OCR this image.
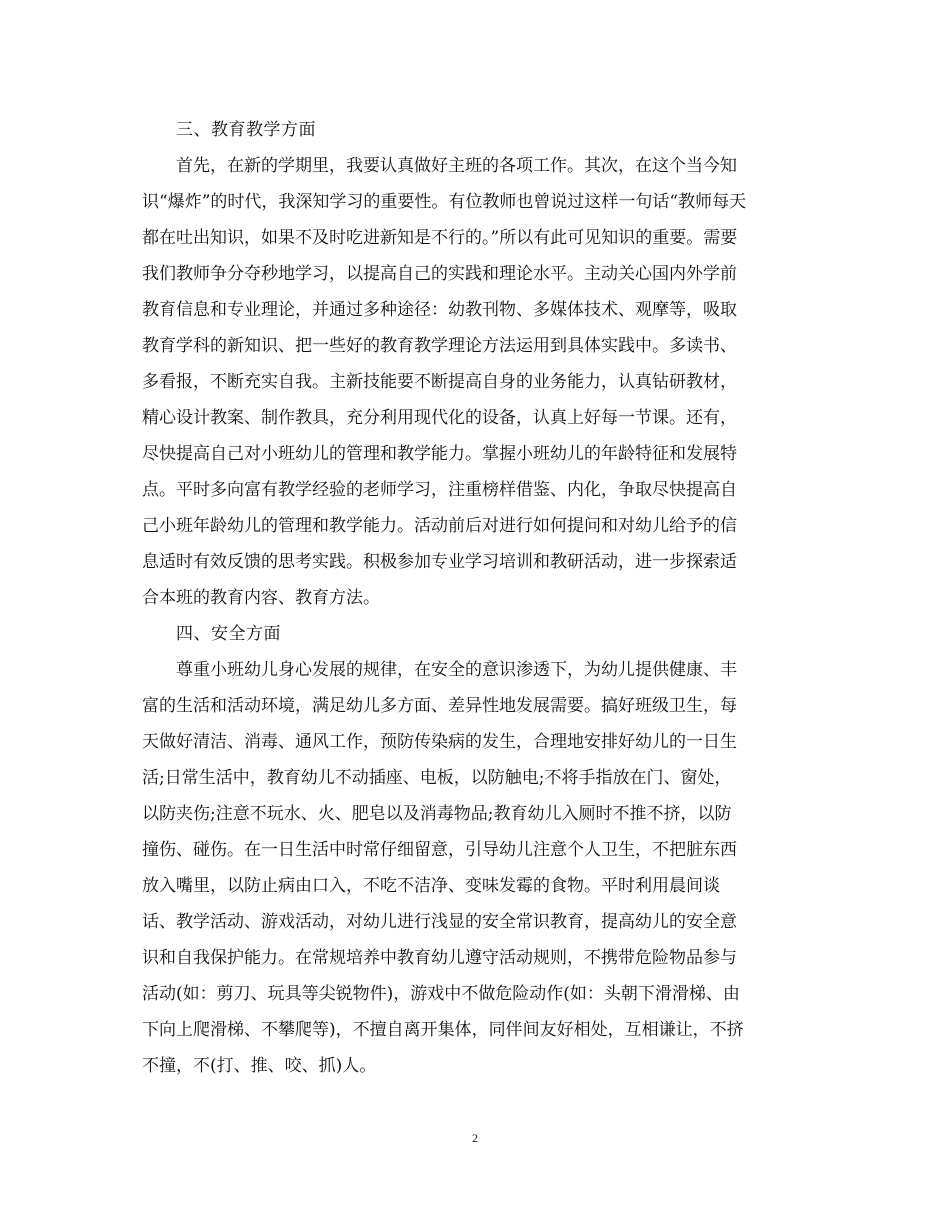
三、教育教学方面

首先，在新的学期里，我要认真做好主班的各项工作。其次，在这个当今知

识“爆炸”的时代，我深知学习的重要性。有位教师也曾说过这样一句话“教师每天

都在吐出知识，如果不及时吃进新知是不行的。”所以有此可见知识的重要。需要

我们教师争分夺秒地学习，以提高自己的实践和理论水平。主动关心国内外学前

教育信息和专业理论，并通过多种途径：幼教刊物、多媒体技术、观摩等，吸取

教育学科的新知识、把一些好的教育教学理论方法运用到具体实践中。多读书、

多看报，不断充实自我。主新技能要不断提高自身的业务能力，认真钻研教材，

精心设计教案、制作教具，充分利用现代化的设备，认真上好每一节课。还有，

尽快提高自己对小班幼儿的管理和教学能力。掌握小班幼儿的年龄特征和发展特

点。平时多向富有教学经验的老师学习，注重榜样借鉴、内化，争取尽快提高自

己小班年龄幼儿的管理和教学能力。活动前后对进行如何提问和对幼儿给予的信

息适时有效反馈的思考实践。积极参加专业学习培训和教研活动，进一步探索适

合本班的教育内容、教育方法。

四、安全方面

尊重小班幼儿身心发展的规律，在安全的意识渗透下，为幼儿提供健康、丰

富的生活和活动环境，满足幼儿多方面、差异性地发展需要。搞好班级卫生，每

天做好清洁、消毒、通风工作，预防传染病的发生，合理地安排好幼儿的一日生

活;日常生活中，教育幼儿不动插座、电板，以防触电;不将手指放在门、窗处，

以防夹伤;注意不玩水、火、肥皂以及消毒物品;教育幼儿入厕时不推不挤，以防

撞伤、碰伤。在一日生活中时常仔细留意，引导幼儿注意个人卫生，不把脏东西

放入嘴里，以防止病由口入，不吃不洁净、变味发霉的食物。平时利用晨间谈

话、教学活动、游戏活动，对幼儿进行浅显的安全常识教育，提高幼儿的安全意

识和自我保护能力。在常规培养中教育幼儿遵守活动规则，不携带危险物品参与

活动(如：剪刀、玩具等尖锐物件)，游戏中不做危险动作(如：头朝下滑滑梯、由

下向上爬滑梯、不攀爬等)，不擅自离开集体，同伴间友好相处，互相谦让，不挤

不撞，不(打、推、咬、抓)人。

2
